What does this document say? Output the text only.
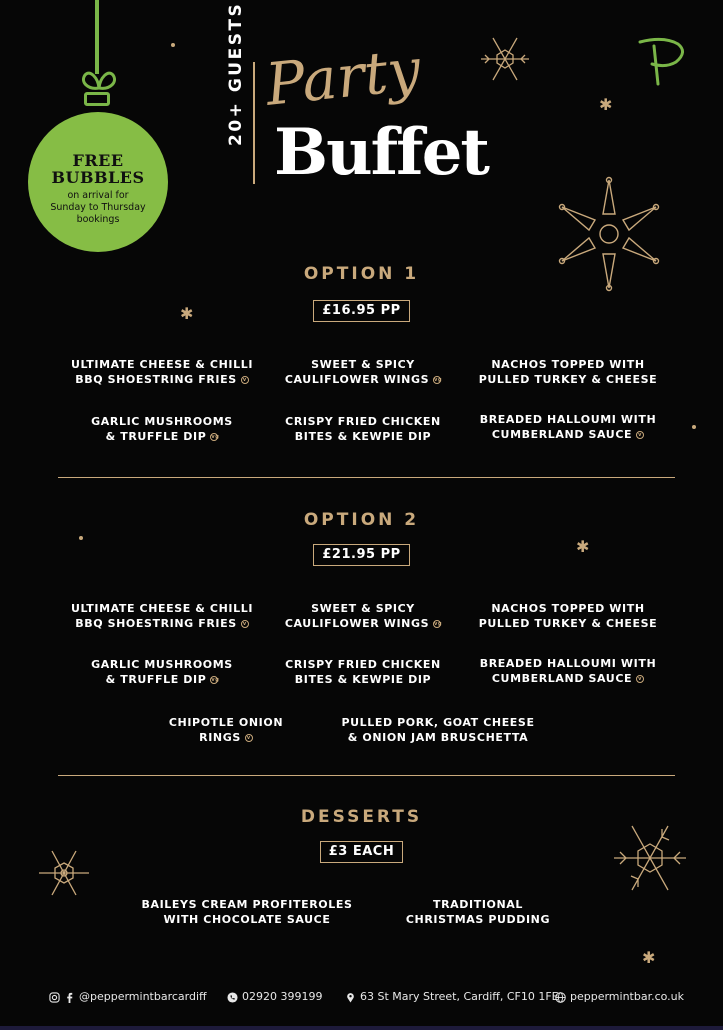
FREE
BUBBLES
on arrival for
Sunday to Thursday
bookings
20+ GUESTS Party
Buffet
✱
✱
✱
✱
OPTION 1
£16.95 PP
ULTIMATE CHEESE & CHILLI
BBQ SHOESTRING FRIES v
SWEET & SPICY
CAULIFLOWER WINGS vg
NACHOS TOPPED WITH
PULLED TURKEY & CHEESE
GARLIC MUSHROOMS
& TRUFFLE DIP vg
CRISPY FRIED CHICKEN
BITES & KEWPIE DIP
BREADED HALLOUMI WITH
CUMBERLAND SAUCE v
OPTION 2
£21.95 PP
ULTIMATE CHEESE & CHILLI
BBQ SHOESTRING FRIES v
SWEET & SPICY
CAULIFLOWER WINGS vg
NACHOS TOPPED WITH
PULLED TURKEY & CHEESE
GARLIC MUSHROOMS
& TRUFFLE DIP vg
CRISPY FRIED CHICKEN
BITES & KEWPIE DIP
BREADED HALLOUMI WITH
CUMBERLAND SAUCE v
CHIPOTLE ONION
RINGS v
PULLED PORK, GOAT CHEESE
& ONION JAM BRUSCHETTA
DESSERTS
£3 EACH
BAILEYS CREAM PROFITEROLES
WITH CHOCOLATE SAUCE
TRADITIONAL
CHRISTMAS PUDDING
@peppermintbarcardiff	02920 399199	63 St Mary Street, Cardiff, CF10 1FE	peppermintbar.co.uk
